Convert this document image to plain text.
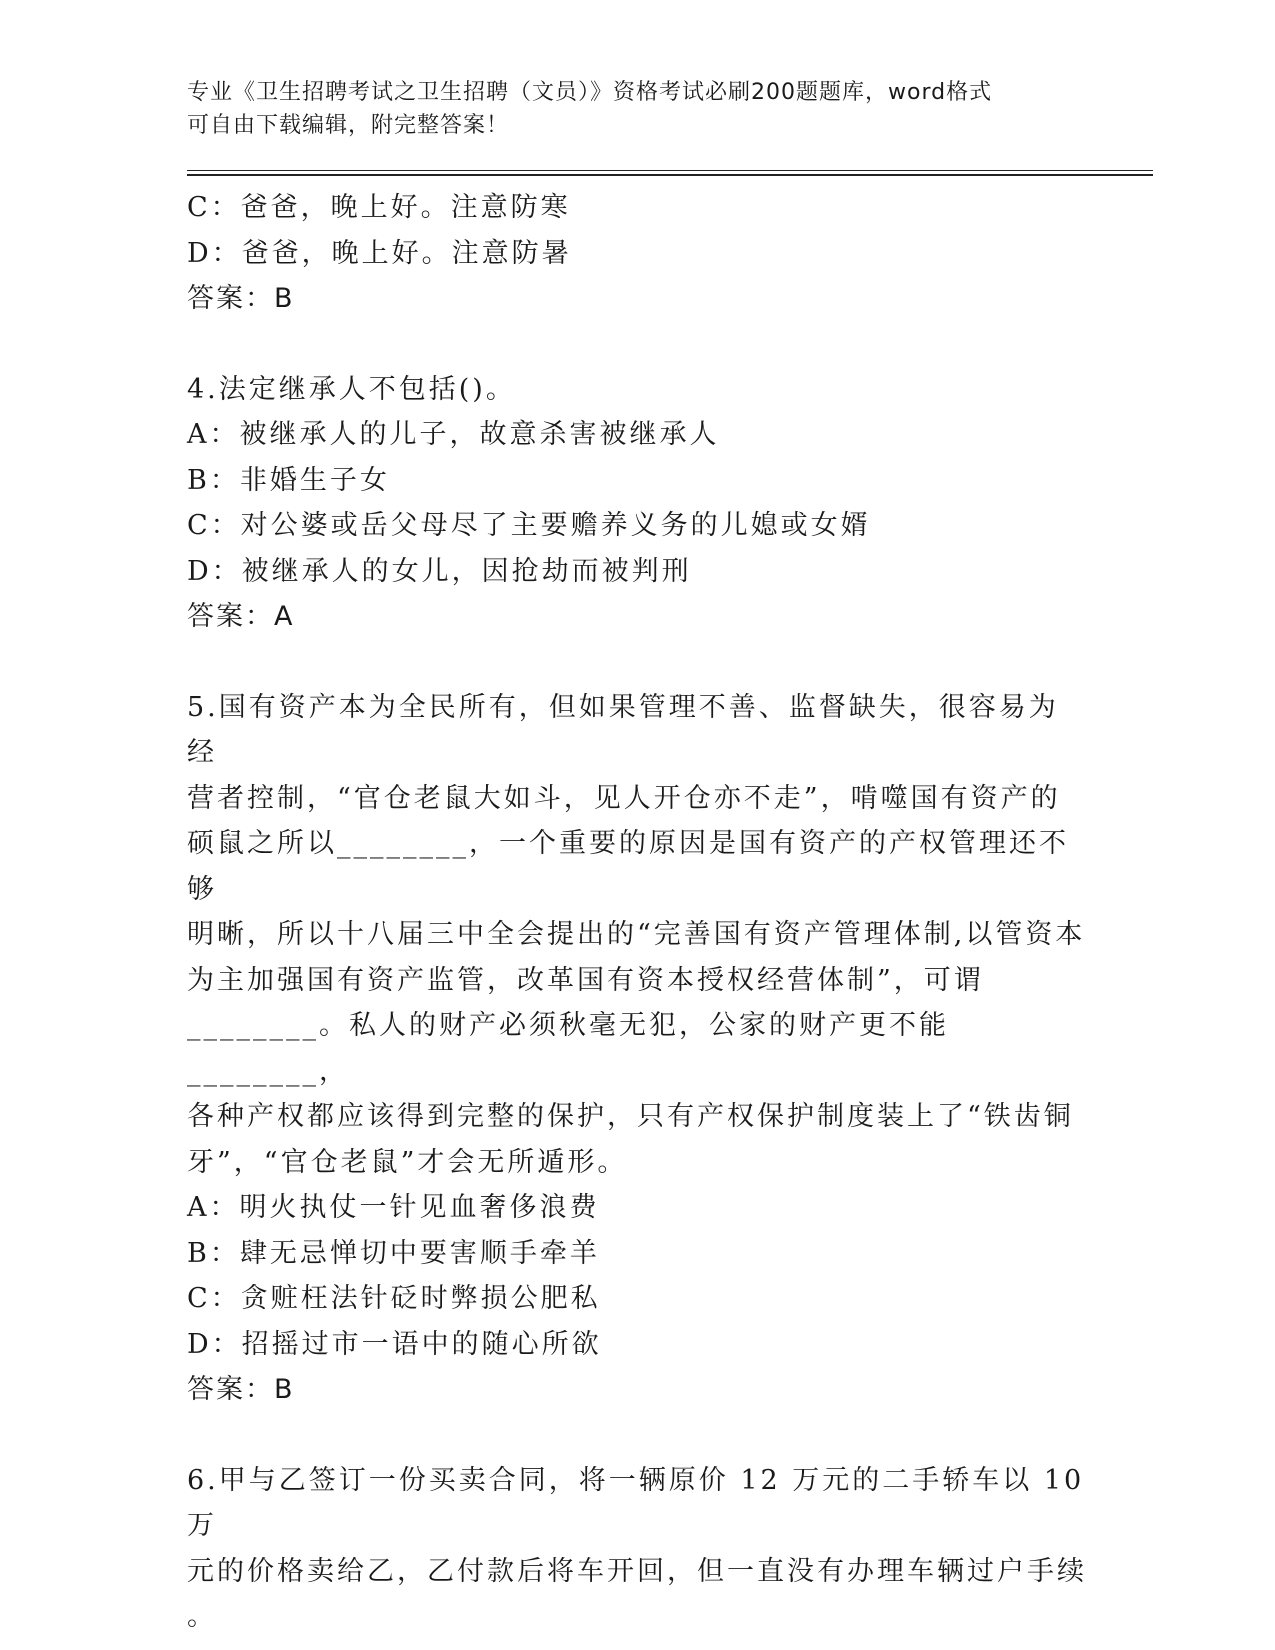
专业《卫生招聘考试之卫生招聘（文员）》资格考试必刷200题题库，word格式
可自由下载编辑，附完整答案！
C：爸爸，晚上好。注意防寒
D：爸爸，晚上好。注意防暑
答案：B
4.法定继承人不包括()。
A：被继承人的儿子，故意杀害被继承人
B：非婚生子女
C：对公婆或岳父母尽了主要赡养义务的儿媳或女婿
D：被继承人的女儿，因抢劫而被判刑
答案：A
5.国有资产本为全民所有，但如果管理不善、监督缺失，很容易为经
营者控制，“官仓老鼠大如斗，见人开仓亦不走”，啃噬国有资产的
硕鼠之所以________，一个重要的原因是国有资产的产权管理还不够
明晰，所以十八届三中全会提出的“完善国有资产管理体制,以管资本
为主加强国有资产监管，改革国有资本授权经营体制”，可谓
________。私人的财产必须秋毫无犯，公家的财产更不能________，
各种产权都应该得到完整的保护，只有产权保护制度装上了“铁齿铜
牙”，“官仓老鼠”才会无所遁形。
A：明火执仗一针见血奢侈浪费
B：肆无忌惮切中要害顺手牵羊
C：贪赃枉法针砭时弊损公肥私
D：招摇过市一语中的随心所欲
答案：B
6.甲与乙签订一份买卖合同，将一辆原价 12 万元的二手轿车以 10 万
元的价格卖给乙，乙付款后将车开回，但一直没有办理车辆过户手续
。
